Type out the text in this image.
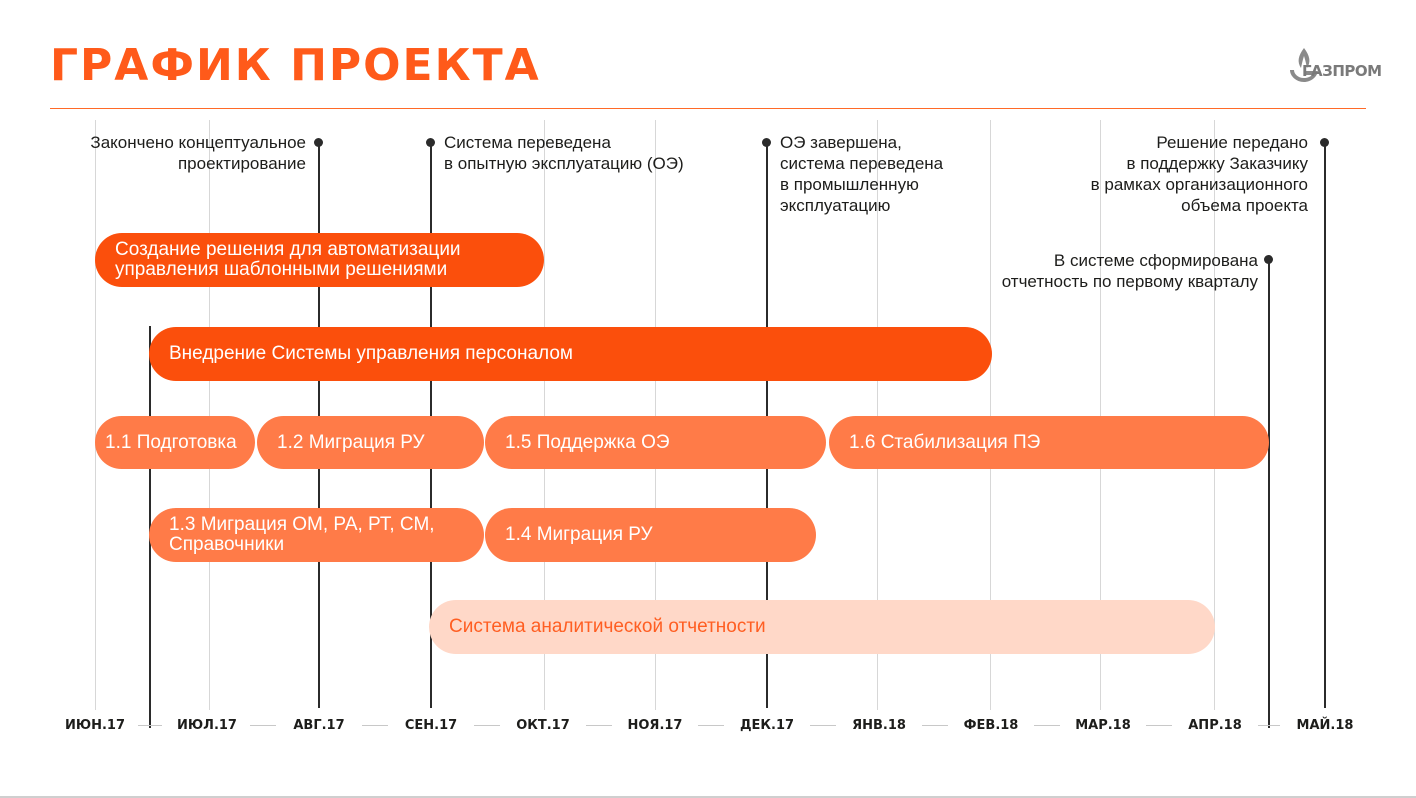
ГРАФИК ПРОЕКТА	ГАЗПРОМ
Закончено концептуальное
проектирование
Система переведена
в опытную эксплуатацию (ОЭ)
ОЭ завершена,
система переведена
в промышленную
эксплуатацию
В системе сформирована
отчетность по первому кварталу
Решение передано
в поддержку Заказчику
в рамках организационного
объема проекта
Создание решения для автоматизации
управления шаблонными решениями
Внедрение Системы управления персоналом
1.1 Подготовка 1.2 Миграция РУ	1.5 Поддержка ОЭ	1.6 Стабилизация ПЭ
1.3 Миграция ОМ, РА, РТ, СМ,
Справочники	1.4 Миграция РУ
Система аналитической отчетности
ИЮН.17	ИЮЛ.17	АВГ.17	СЕН.17	ОКТ.17	НОЯ.17	ДЕК.17	ЯНВ.18	ФЕВ.18	МАР.18	АПР.18	МАЙ.18
